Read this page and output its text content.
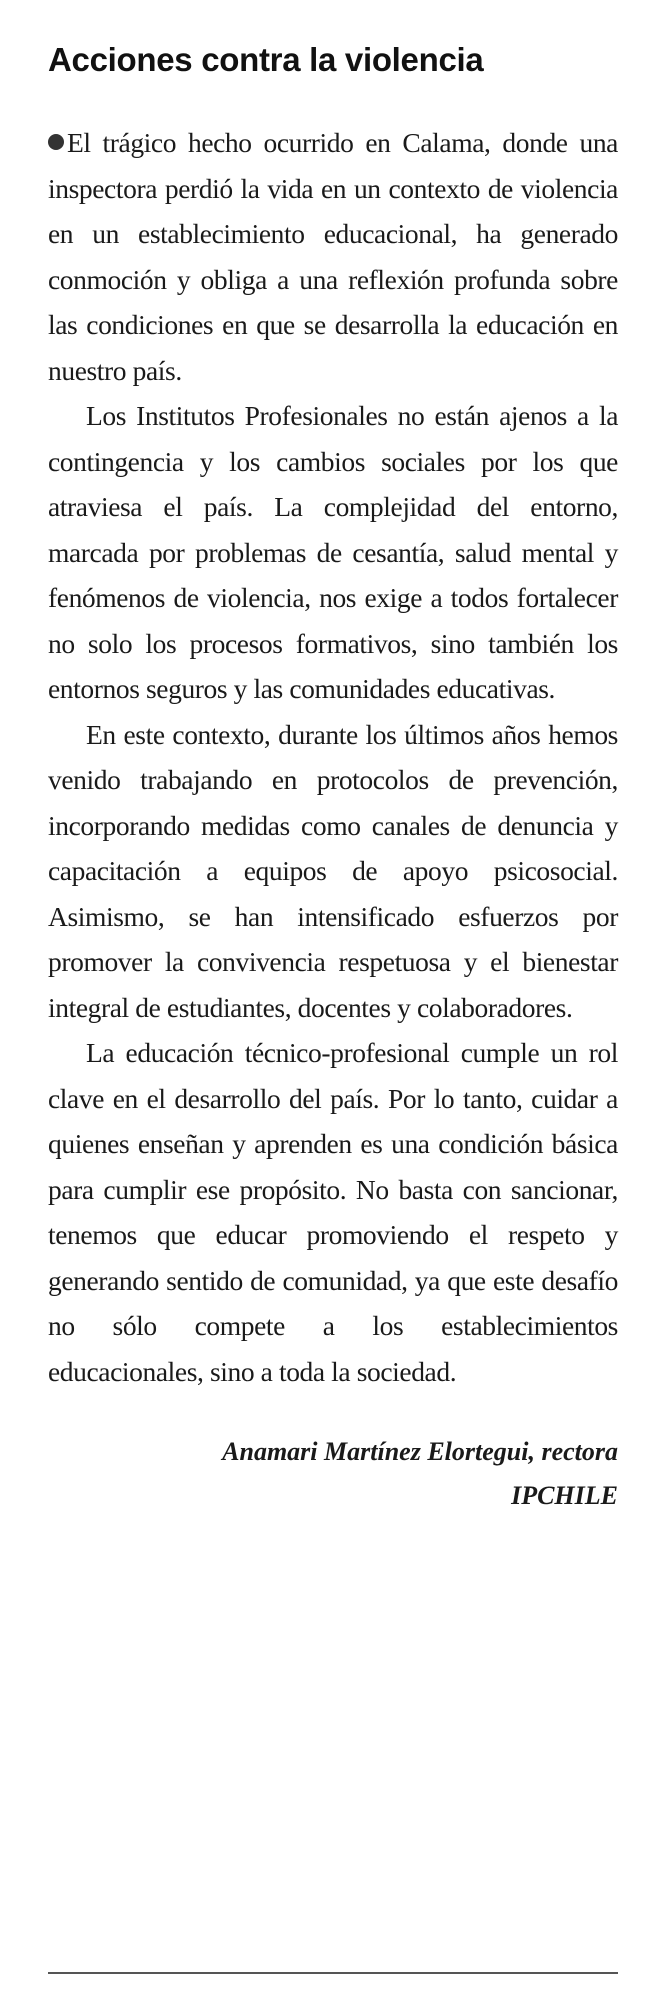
Acciones contra la violencia

El trágico hecho ocurrido en Calama, donde una inspectora perdió la vida en un contexto de violencia en un establecimiento educacional, ha generado conmoción y obliga a una reflexión profunda sobre las condiciones en que se desarrolla la educación en nuestro país.

Los Institutos Profesionales no están ajenos a la contingencia y los cambios sociales por los que atraviesa el país. La complejidad del entorno, marcada por problemas de cesantía, salud mental y fenómenos de violencia, nos exige a todos fortalecer no solo los procesos formativos, sino también los entornos seguros y las comunidades educativas.

En este contexto, durante los últimos años hemos venido trabajando en protocolos de prevención, incorporando medidas como canales de denuncia y capacitación a equipos de apoyo psicosocial. Asimismo, se han intensificado esfuerzos por promover la convivencia respetuosa y el bienestar integral de estudiantes, docentes y colaboradores.

La educación técnico-profesional cumple un rol clave en el desarrollo del país. Por lo tanto, cuidar a quienes enseñan y aprenden es una condición básica para cumplir ese propósito. No basta con sancionar, tenemos que educar promoviendo el respeto y generando sentido de comunidad, ya que este desafío no sólo compete a los establecimientos educacionales, sino a toda la sociedad.

Anamari Martínez Elortegui, rectora
IPCHILE
